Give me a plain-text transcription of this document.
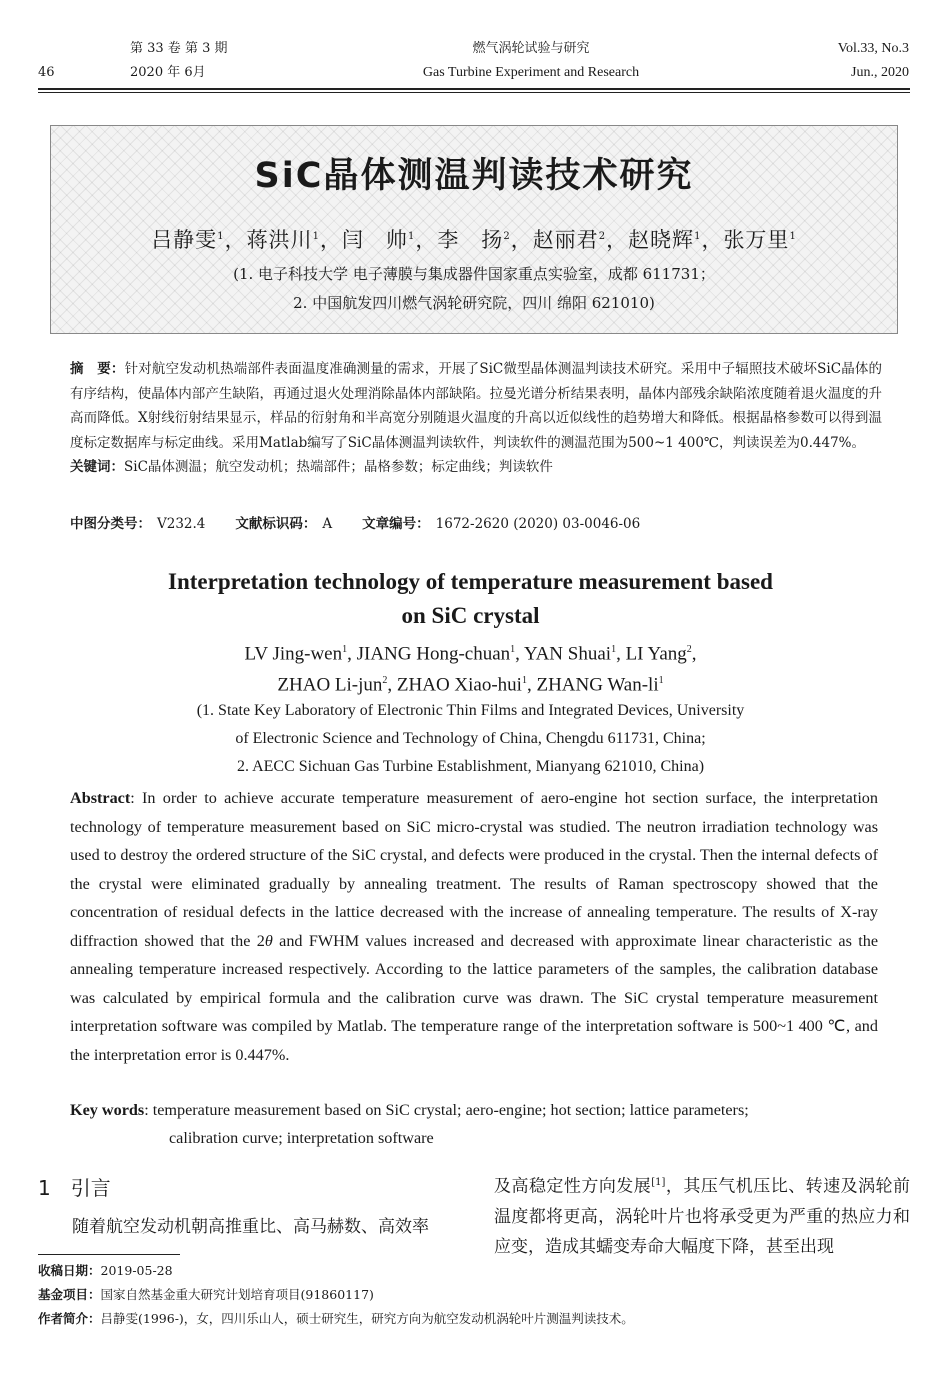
46
第 33 卷 第 3 期
2020 年 6月
燃气涡轮试验与研究
Gas Turbine Experiment and Research
Vol.33, No.3
Jun., 2020
SiC晶体测温判读技术研究
吕静雯$^1$，蒋洪川$^1$，闫　帅$^1$，李　扬$^2$，赵丽君$^2$，赵晓辉$^1$，张万里$^1$
(1. 电子科技大学 电子薄膜与集成器件国家重点实验室，成都 611731；
2. 中国航发四川燃气涡轮研究院，四川 绵阳 621010)

摘　要：针对航空发动机热端部件表面温度准确测量的需求，开展了SiC微型晶体测温判读技术研究。采用中子辐照技术破坏SiC晶体的有序结构，使晶体内部产生缺陷，再通过退火处理消除晶体内部缺陷。拉曼光谱分析结果表明，晶体内部残余缺陷浓度随着退火温度的升高而降低。X射线衍射结果显示，样品的衍射角和半高宽分别随退火温度的升高以近似线性的趋势增大和降低。根据晶格参数可以得到温度标定数据库与标定曲线。采用Matlab编写了SiC晶体测温判读软件，判读软件的测温范围为500~1 400℃，判读误差为0.447%。

关键词：SiC晶体测温；航空发动机；热端部件；晶格参数；标定曲线；判读软件

中图分类号： V232.4 文献标识码： A 文章编号： 1672-2620 (2020) 03-0046-06
Interpretation technology of temperature measurement based
on SiC crystal
LV Jing-wen$^1$, JIANG Hong-chuan$^1$, YAN Shuai$^1$, LI Yang$^2$,
ZHAO Li-jun$^2$, ZHAO Xiao-hui$^1$, ZHANG Wan-$li^1$
(1. State Key Laboratory of Electronic Thin Films and Integrated Devices, University
of Electronic Science and Technology of China, Chengdu 611731, China;
2. AECC Sichuan Gas Turbine Establishment, Mianyang 621010, China)

Abstract: In order to achieve accurate temperature measurement of aero-engine hot section surface, the interpretation technology of temperature measurement based on SiC micro-crystal was studied. The neutron irradiation technology was used to destroy the ordered structure of the SiC crystal, and defects were produced in the crystal. Then the internal defects of the crystal were eliminated gradually by annealing treatment. The results of Raman spectroscopy showed that the concentration of residual defects in the lattice decreased with the increase of annealing temperature. The results of X-ray diffraction showed that the 2θ and FWHM values increased and decreased with approximate linear characteristic as the annealing temperature increased respectively. According to the lattice parameters of the samples, the calibration database was calculated by empirical formula and the calibration curve was drawn. The SiC crystal temperature measurement interpretation software was compiled by Matlab. The temperature range of the interpretation software is 500~1 400 ℃, and the interpretation error is 0.447%.

Key words: temperature measurement based on SiC crystal; aero-engine; hot section; lattice parameters;
calibration curve; interpretation software
1　引言
随着航空发动机朝高推重比、高马赫数、高效率
及高稳定性方向发展[1]，其压气机压比、转速及涡轮前温度都将更高，涡轮叶片也将承受更为严重的热应力和应变，造成其蠕变寿命大幅度下降，甚至出现
收稿日期：2019-05-28
基金项目：国家自然基金重大研究计划培育项目(91860117)
作者简介：吕静雯(1996-)，女，四川乐山人，硕士研究生，研究方向为航空发动机涡轮叶片测温判读技术。
